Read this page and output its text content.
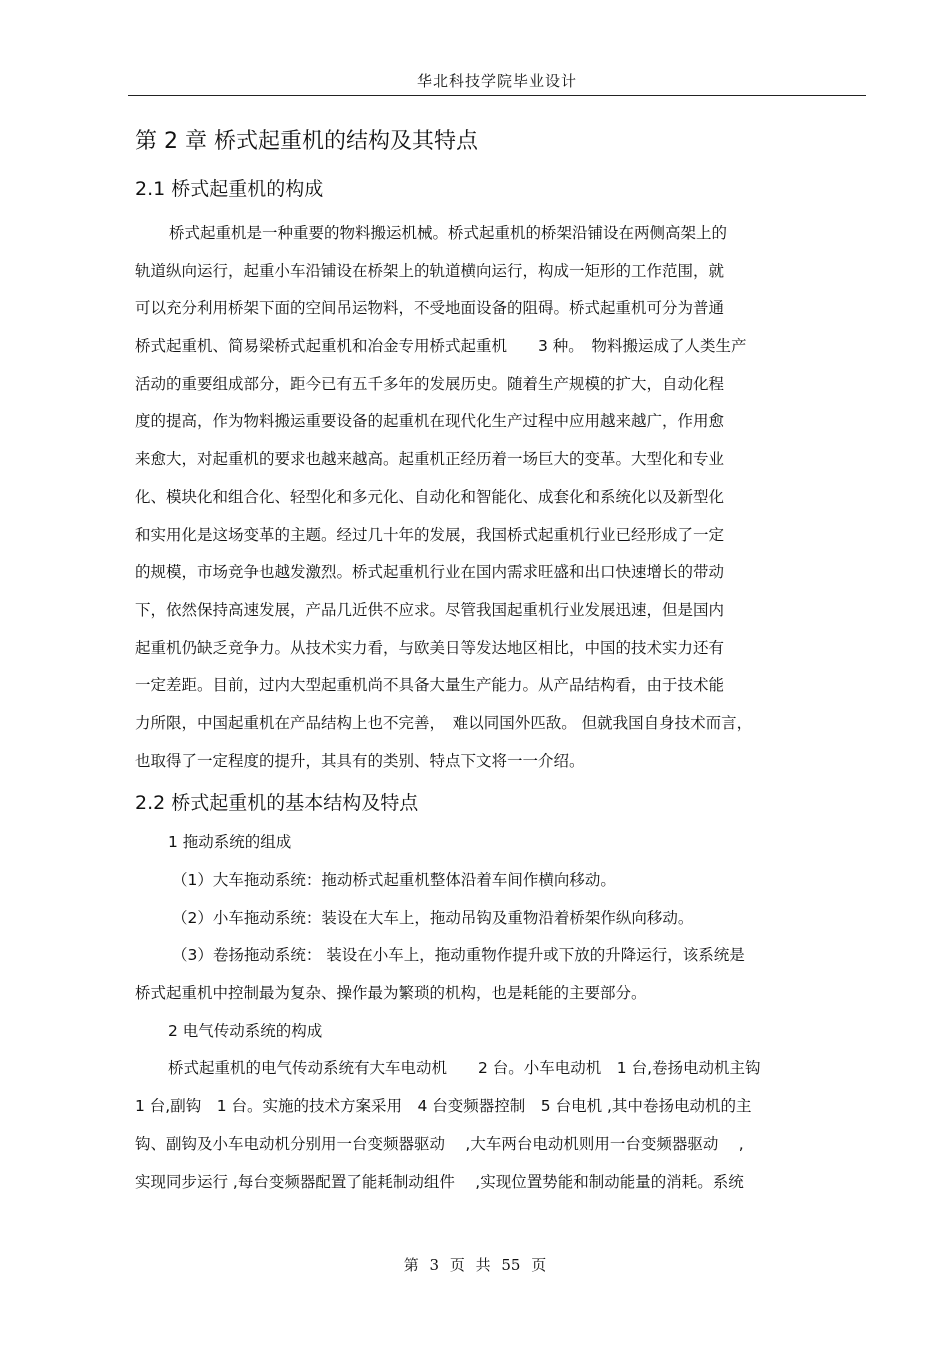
华北科技学院毕业设计
第 2 章 桥式起重机的结构及其特点
2.1 桥式起重机的构成

桥式起重机是一种重要的物料搬运机械。桥式起重机的桥架沿铺设在两侧高架上的

轨道纵向运行，起重小车沿铺设在桥架上的轨道横向运行，构成一矩形的工作范围，就

可以充分利用桥架下面的空间吊运物料，不受地面设备的阻碍。桥式起重机可分为普通

桥式起重机、简易梁桥式起重机和冶金专用桥式起重机　　3 种。　物料搬运成了人类生产

活动的重要组成部分，距今已有五千多年的发展历史。随着生产规模的扩大，自动化程

度的提高，作为物料搬运重要设备的起重机在现代化生产过程中应用越来越广，作用愈

来愈大，对起重机的要求也越来越高。起重机正经历着一场巨大的变革。大型化和专业

化、模块化和组合化、轻型化和多元化、自动化和智能化、成套化和系统化以及新型化

和实用化是这场变革的主题。经过几十年的发展，我国桥式起重机行业已经形成了一定

的规模，市场竞争也越发激烈。桥式起重机行业在国内需求旺盛和出口快速增长的带动

下，依然保持高速发展，产品几近供不应求。尽管我国起重机行业发展迅速，但是国内

起重机仍缺乏竞争力。从技术实力看，与欧美日等发达地区相比，中国的技术实力还有

一定差距。目前，过内大型起重机尚不具备大量生产能力。从产品结构看，由于技术能

力所限，中国起重机在产品结构上也不完善，　难以同国外匹敌。 但就我国自身技术而言，

也取得了一定程度的提升，其具有的类别、特点下文将一一介绍。

2.2 桥式起重机的基本结构及特点

1 拖动系统的组成

（1）大车拖动系统：拖动桥式起重机整体沿着车间作横向移动。

（2）小车拖动系统：装设在大车上，拖动吊钩及重物沿着桥架作纵向移动。

（3）卷扬拖动系统： 装设在小车上，拖动重物作提升或下放的升降运行，该系统是

桥式起重机中控制最为复杂、操作最为繁琐的机构，也是耗能的主要部分。

2 电气传动系统的构成

桥式起重机的电气传动系统有大车电动机　　2 台。小车电动机　1 台,卷扬电动机主钩

1 台,副钩　1 台。实施的技术方案采用　4 台变频器控制　5 台电机 ,其中卷扬电动机的主

钩、副钩及小车电动机分别用一台变频器驱动　 ,大车两台电动机则用一台变频器驱动　 ,

实现同步运行 ,每台变频器配置了能耗制动组件　 ,实现位置势能和制动能量的消耗。系统

第 3 页 共 55 页
